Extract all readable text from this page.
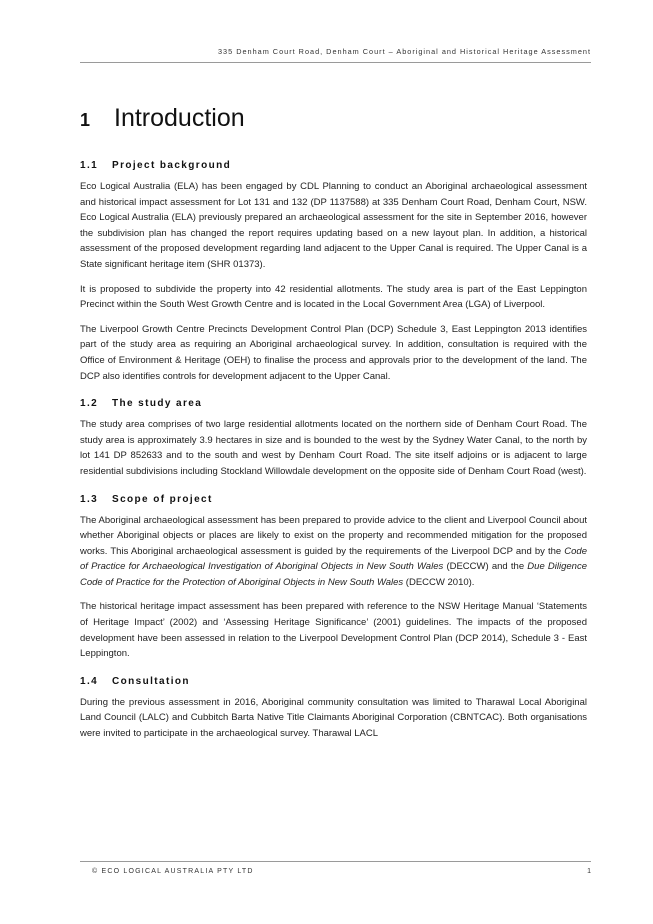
335 Denham Court Road, Denham Court – Aboriginal and Historical Heritage Assessment
1 Introduction
1.1 Project background

Eco Logical Australia (ELA) has been engaged by CDL Planning to conduct an Aboriginal archaeological assessment and historical impact assessment for Lot 131 and 132 (DP 1137588) at 335 Denham Court Road, Denham Court, NSW. Eco Logical Australia (ELA) previously prepared an archaeological assessment for the site in September 2016, however the subdivision plan has changed the report requires updating based on a new layout plan. In addition, a historical assessment of the proposed development regarding land adjacent to the Upper Canal is required. The Upper Canal is a State significant heritage item (SHR 01373).

It is proposed to subdivide the property into 42 residential allotments. The study area is part of the East Leppington Precinct within the South West Growth Centre and is located in the Local Government Area (LGA) of Liverpool.

The Liverpool Growth Centre Precincts Development Control Plan (DCP) Schedule 3, East Leppington 2013 identifies part of the study area as requiring an Aboriginal archaeological survey. In addition, consultation is required with the Office of Environment & Heritage (OEH) to finalise the process and approvals prior to the development of the land. The DCP also identifies controls for development adjacent to the Upper Canal.

1.2 The study area

The study area comprises of two large residential allotments located on the northern side of Denham Court Road. The study area is approximately 3.9 hectares in size and is bounded to the west by the Sydney Water Canal, to the north by lot 141 DP 852633 and to the south and west by Denham Court Road. The site itself adjoins or is adjacent to large residential subdivisions including Stockland Willowdale development on the opposite side of Denham Court Road (west).

1.3 Scope of project

The Aboriginal archaeological assessment has been prepared to provide advice to the client and Liverpool Council about whether Aboriginal objects or places are likely to exist on the property and recommended mitigation for the proposed works. This Aboriginal archaeological assessment is guided by the requirements of the Liverpool DCP and by the Code of Practice for Archaeological Investigation of Aboriginal Objects in New South Wales (DECCW) and the Due Diligence Code of Practice for the Protection of Aboriginal Objects in New South Wales (DECCW 2010).

The historical heritage impact assessment has been prepared with reference to the NSW Heritage Manual ‘Statements of Heritage Impact’ (2002) and ‘Assessing Heritage Significance’ (2001) guidelines. The impacts of the proposed development have been assessed in relation to the Liverpool Development Control Plan (DCP 2014), Schedule 3 - East Leppington.

1.4 Consultation

During the previous assessment in 2016, Aboriginal community consultation was limited to Tharawal Local Aboriginal Land Council (LALC) and Cubbitch Barta Native Title Claimants Aboriginal Corporation (CBNTCAC). Both organisations were invited to participate in the archaeological survey. Tharawal LACL

© ECO LOGICAL AUSTRALIA PTY LTD	1
